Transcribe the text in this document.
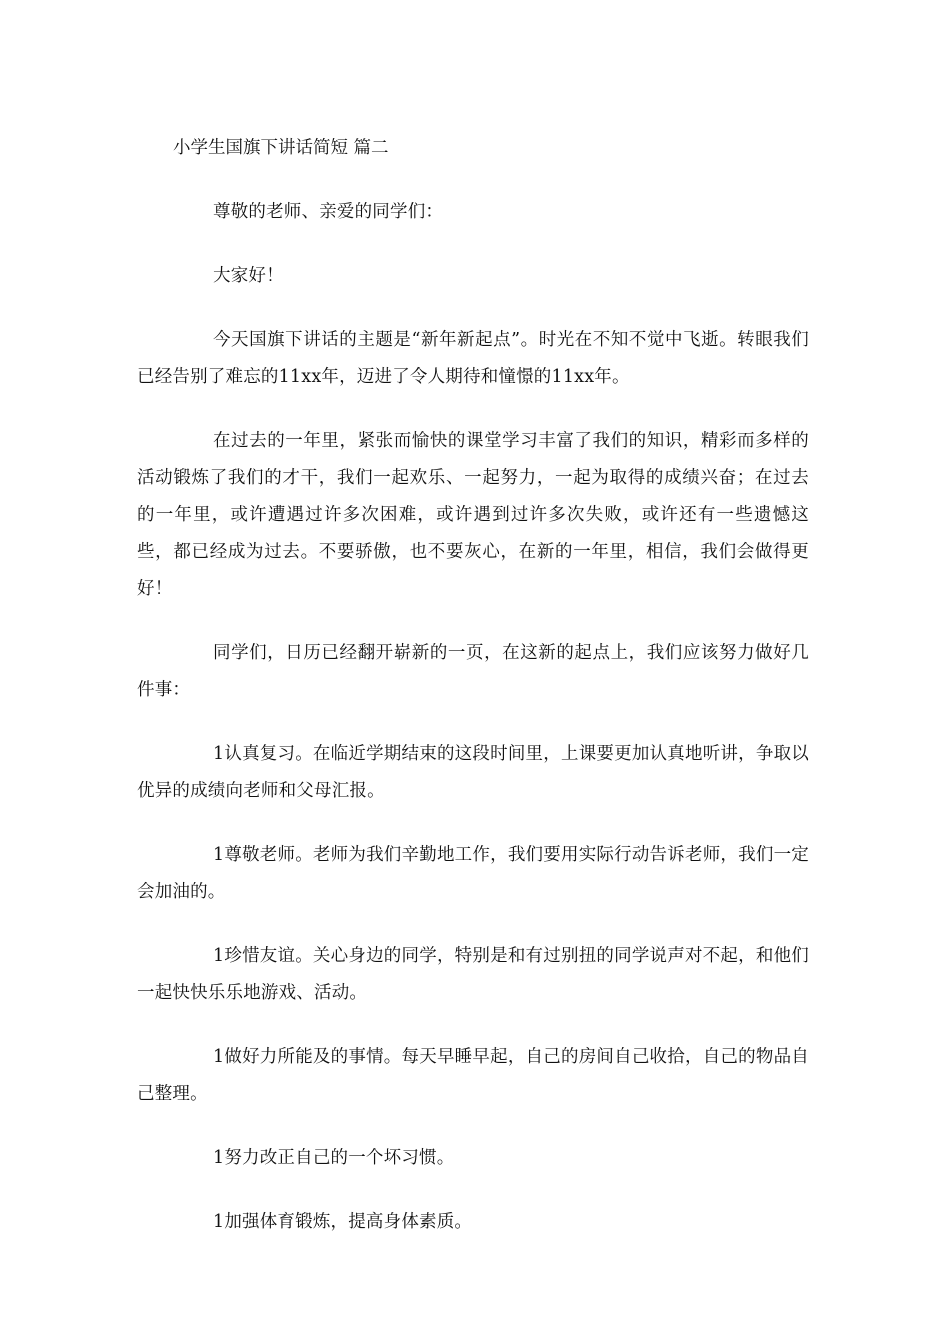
小学生国旗下讲话简短 篇二

尊敬的老师、亲爱的同学们：

大家好！

今天国旗下讲话的主题是“新年新起点”。时光在不知不觉中飞逝。转眼我们已经告别了难忘的11xx年，迈进了令人期待和憧憬的11xx年。

在过去的一年里，紧张而愉快的课堂学习丰富了我们的知识，精彩而多样的活动锻炼了我们的才干，我们一起欢乐、一起努力，一起为取得的成绩兴奋；在过去的一年里，或许遭遇过许多次困难，或许遇到过许多次失败，或许还有一些遗憾这些，都已经成为过去。不要骄傲，也不要灰心，在新的一年里，相信，我们会做得更好！

同学们，日历已经翻开崭新的一页，在这新的起点上，我们应该努力做好几件事：

1认真复习。在临近学期结束的这段时间里，上课要更加认真地听讲，争取以优异的成绩向老师和父母汇报。

1尊敬老师。老师为我们辛勤地工作，我们要用实际行动告诉老师，我们一定会加油的。

1珍惜友谊。关心身边的同学，特别是和有过别扭的同学说声对不起，和他们一起快快乐乐地游戏、活动。

1做好力所能及的事情。每天早睡早起，自己的房间自己收拾，自己的物品自己整理。

1努力改正自己的一个坏习惯。

1加强体育锻炼，提高身体素质。
